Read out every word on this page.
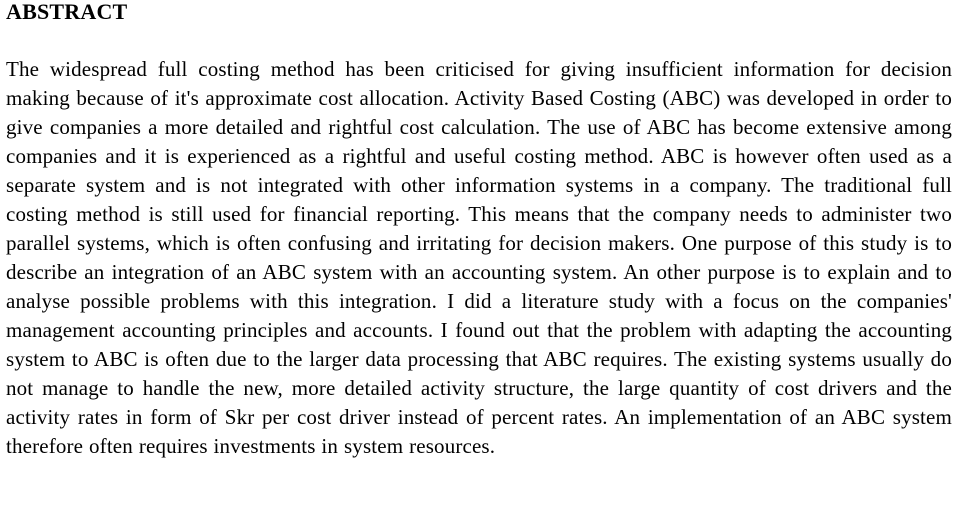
ABSTRACT

The widespread full costing method has been criticised for giving insufficient information for decision making because of it's approximate cost allocation. Activity Based Costing (ABC) was developed in order to give companies a more detailed and rightful cost calculation. The use of ABC has become extensive among companies and it is experienced as a rightful and useful costing method. ABC is however often used as a separate system and is not integrated with other information systems in a company. The traditional full costing method is still used for financial reporting. This means that the company needs to administer two parallel systems, which is often confusing and irritating for decision makers. One purpose of this study is to describe an integration of an ABC system with an accounting system. An other purpose is to explain and to analyse possible problems with this integration. I did a literature study with a focus on the companies' management accounting principles and accounts. I found out that the problem with adapting the accounting system to ABC is often due to the larger data processing that ABC requires. The existing systems usually do not manage to handle the new, more detailed activity structure, the large quantity of cost drivers and the activity rates in form of Skr per cost driver instead of percent rates. An implementation of an ABC system therefore often requires investments in system resources.
